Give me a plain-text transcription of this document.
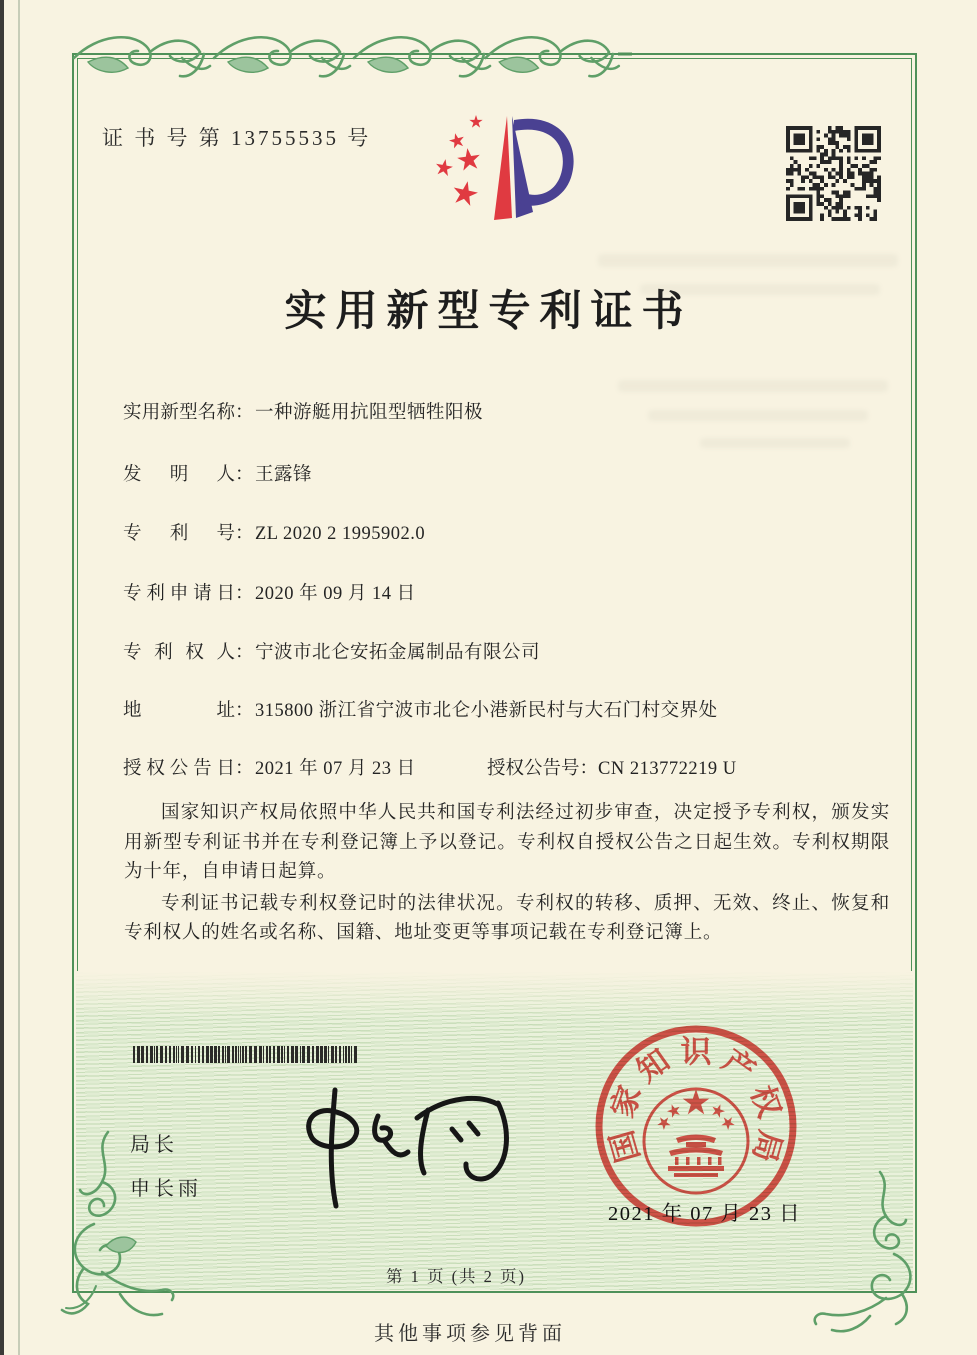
证 书 号 第 13755535 号
实用新型专利证书
实用新型名称：一种游艇用抗阻型牺牲阳极
发明人：王露锋
专利号：ZL 2020 2 1995902.0
专利申请日：2020 年 09 月 14 日
专利权人：宁波市北仑安拓金属制品有限公司
地址：315800 浙江省宁波市北仑小港新民村与大石门村交界处
授权公告日：2021 年 07 月 23 日	授权公告号：CN 213772219 U

国家知识产权局依照中华人民共和国专利法经过初步审查，决定授予专利权，颁发实用新型专利证书并在专利登记簿上予以登记。专利权自授权公告之日起生效。专利权期限为十年，自申请日起算。

专利证书记载专利权登记时的法律状况。专利权的转移、质押、无效、终止、恢复和专利权人的姓名或名称、国籍、地址变更等事项记载在专利登记簿上。

局长
申长雨
国
家
知 识 产
权
局
2021 年 07 月 23 日
第 1 页 (共 2 页)
其他事项参见背面
